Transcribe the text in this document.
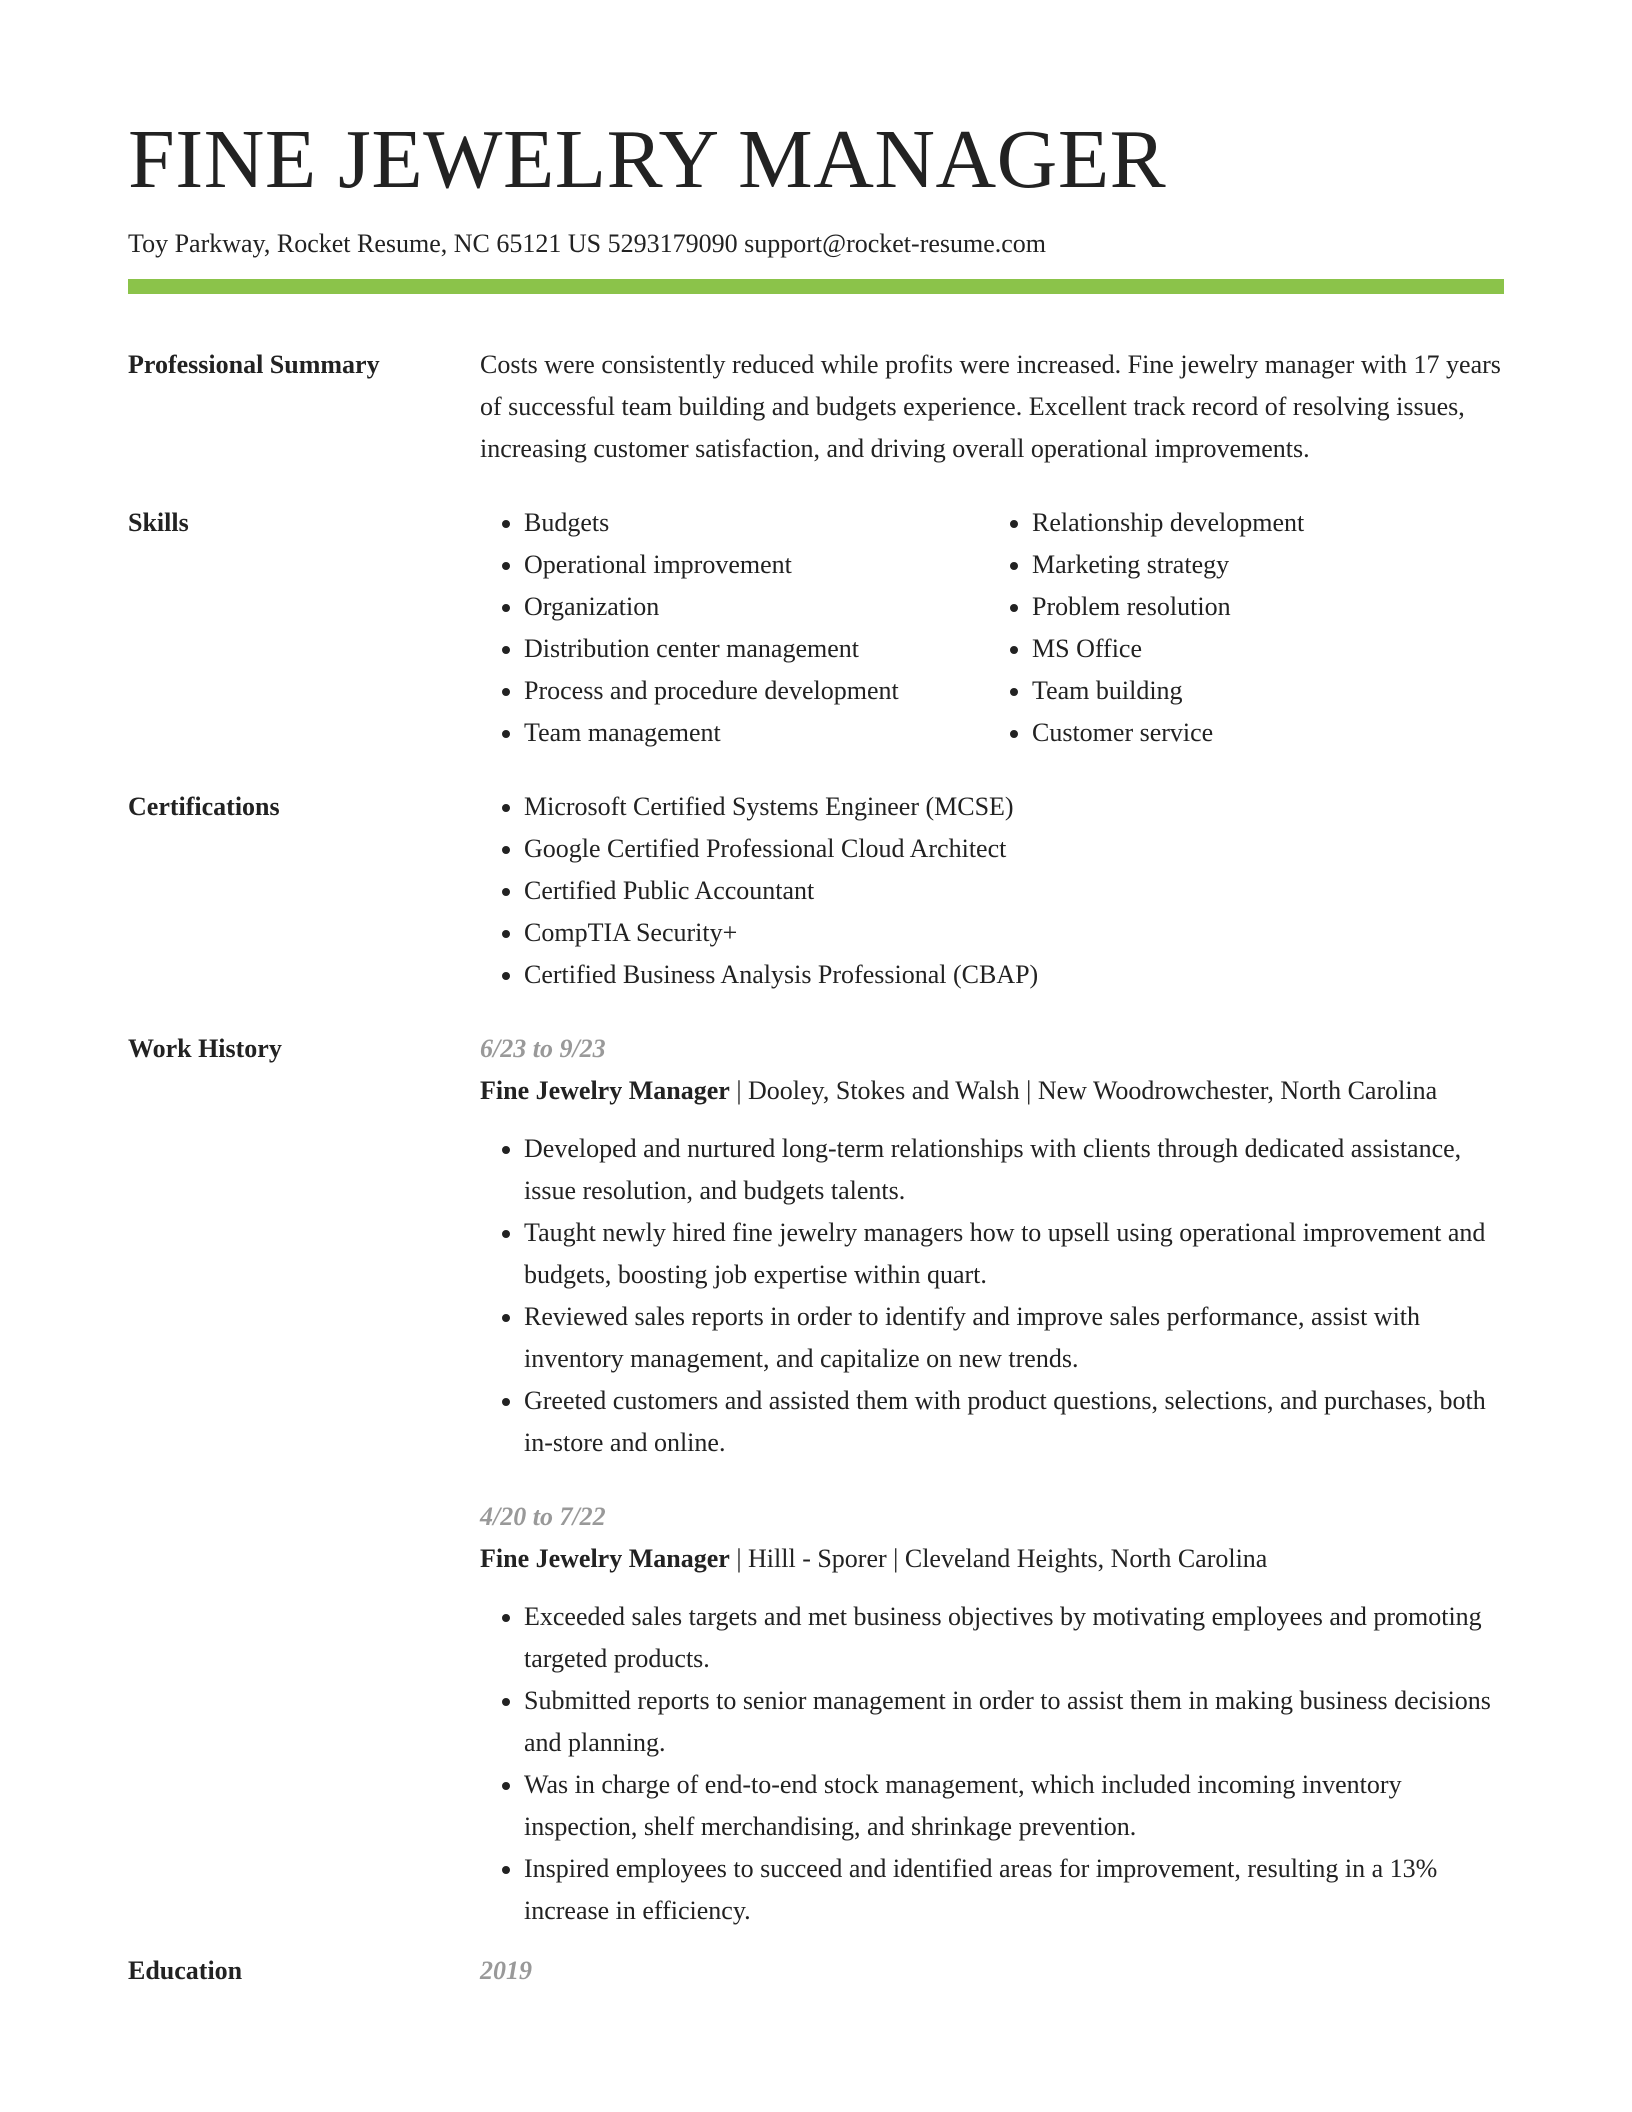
FINE JEWELRY MANAGER
Toy Parkway, Rocket Resume, NC 65121 US 5293179090 support@rocket-resume.com
Professional Summary	Costs were consistently reduced while profits were increased. Fine jewelry manager with 17 years of successful team building and budgets experience. Excellent track record of resolving issues, increasing customer satisfaction, and driving overall operational improvements.
Skills	• Budgets
• Operational improvement
• Organization
• Distribution center management
• Process and procedure development
• Team management
• Relationship development
• Marketing strategy
• Problem resolution
• MS Office
• Team building
• Customer service
Certifications	• Microsoft Certified Systems Engineer (MCSE)
• Google Certified Professional Cloud Architect
• Certified Public Accountant
• CompTIA Security+
• Certified Business Analysis Professional (CBAP)
Work History	6/23 to 9/23
Fine Jewelry Manager | Dooley, Stokes and Walsh | New Woodrowchester, North Carolina
• Developed and nurtured long-term relationships with clients through dedicated assistance, issue resolution, and budgets talents.
• Taught newly hired fine jewelry managers how to upsell using operational improvement and budgets, boosting job expertise within quart.
• Reviewed sales reports in order to identify and improve sales performance, assist with inventory management, and capitalize on new trends.
• Greeted customers and assisted them with product questions, selections, and purchases, both in-store and online.
4/20 to 7/22
Fine Jewelry Manager | Hilll - Sporer | Cleveland Heights, North Carolina
• Exceeded sales targets and met business objectives by motivating employees and promoting targeted products.
• Submitted reports to senior management in order to assist them in making business decisions and planning.
• Was in charge of end-to-end stock management, which included incoming inventory inspection, shelf merchandising, and shrinkage prevention.
• Inspired employees to succeed and identified areas for improvement, resulting in a 13% increase in efficiency.
Education	2019
